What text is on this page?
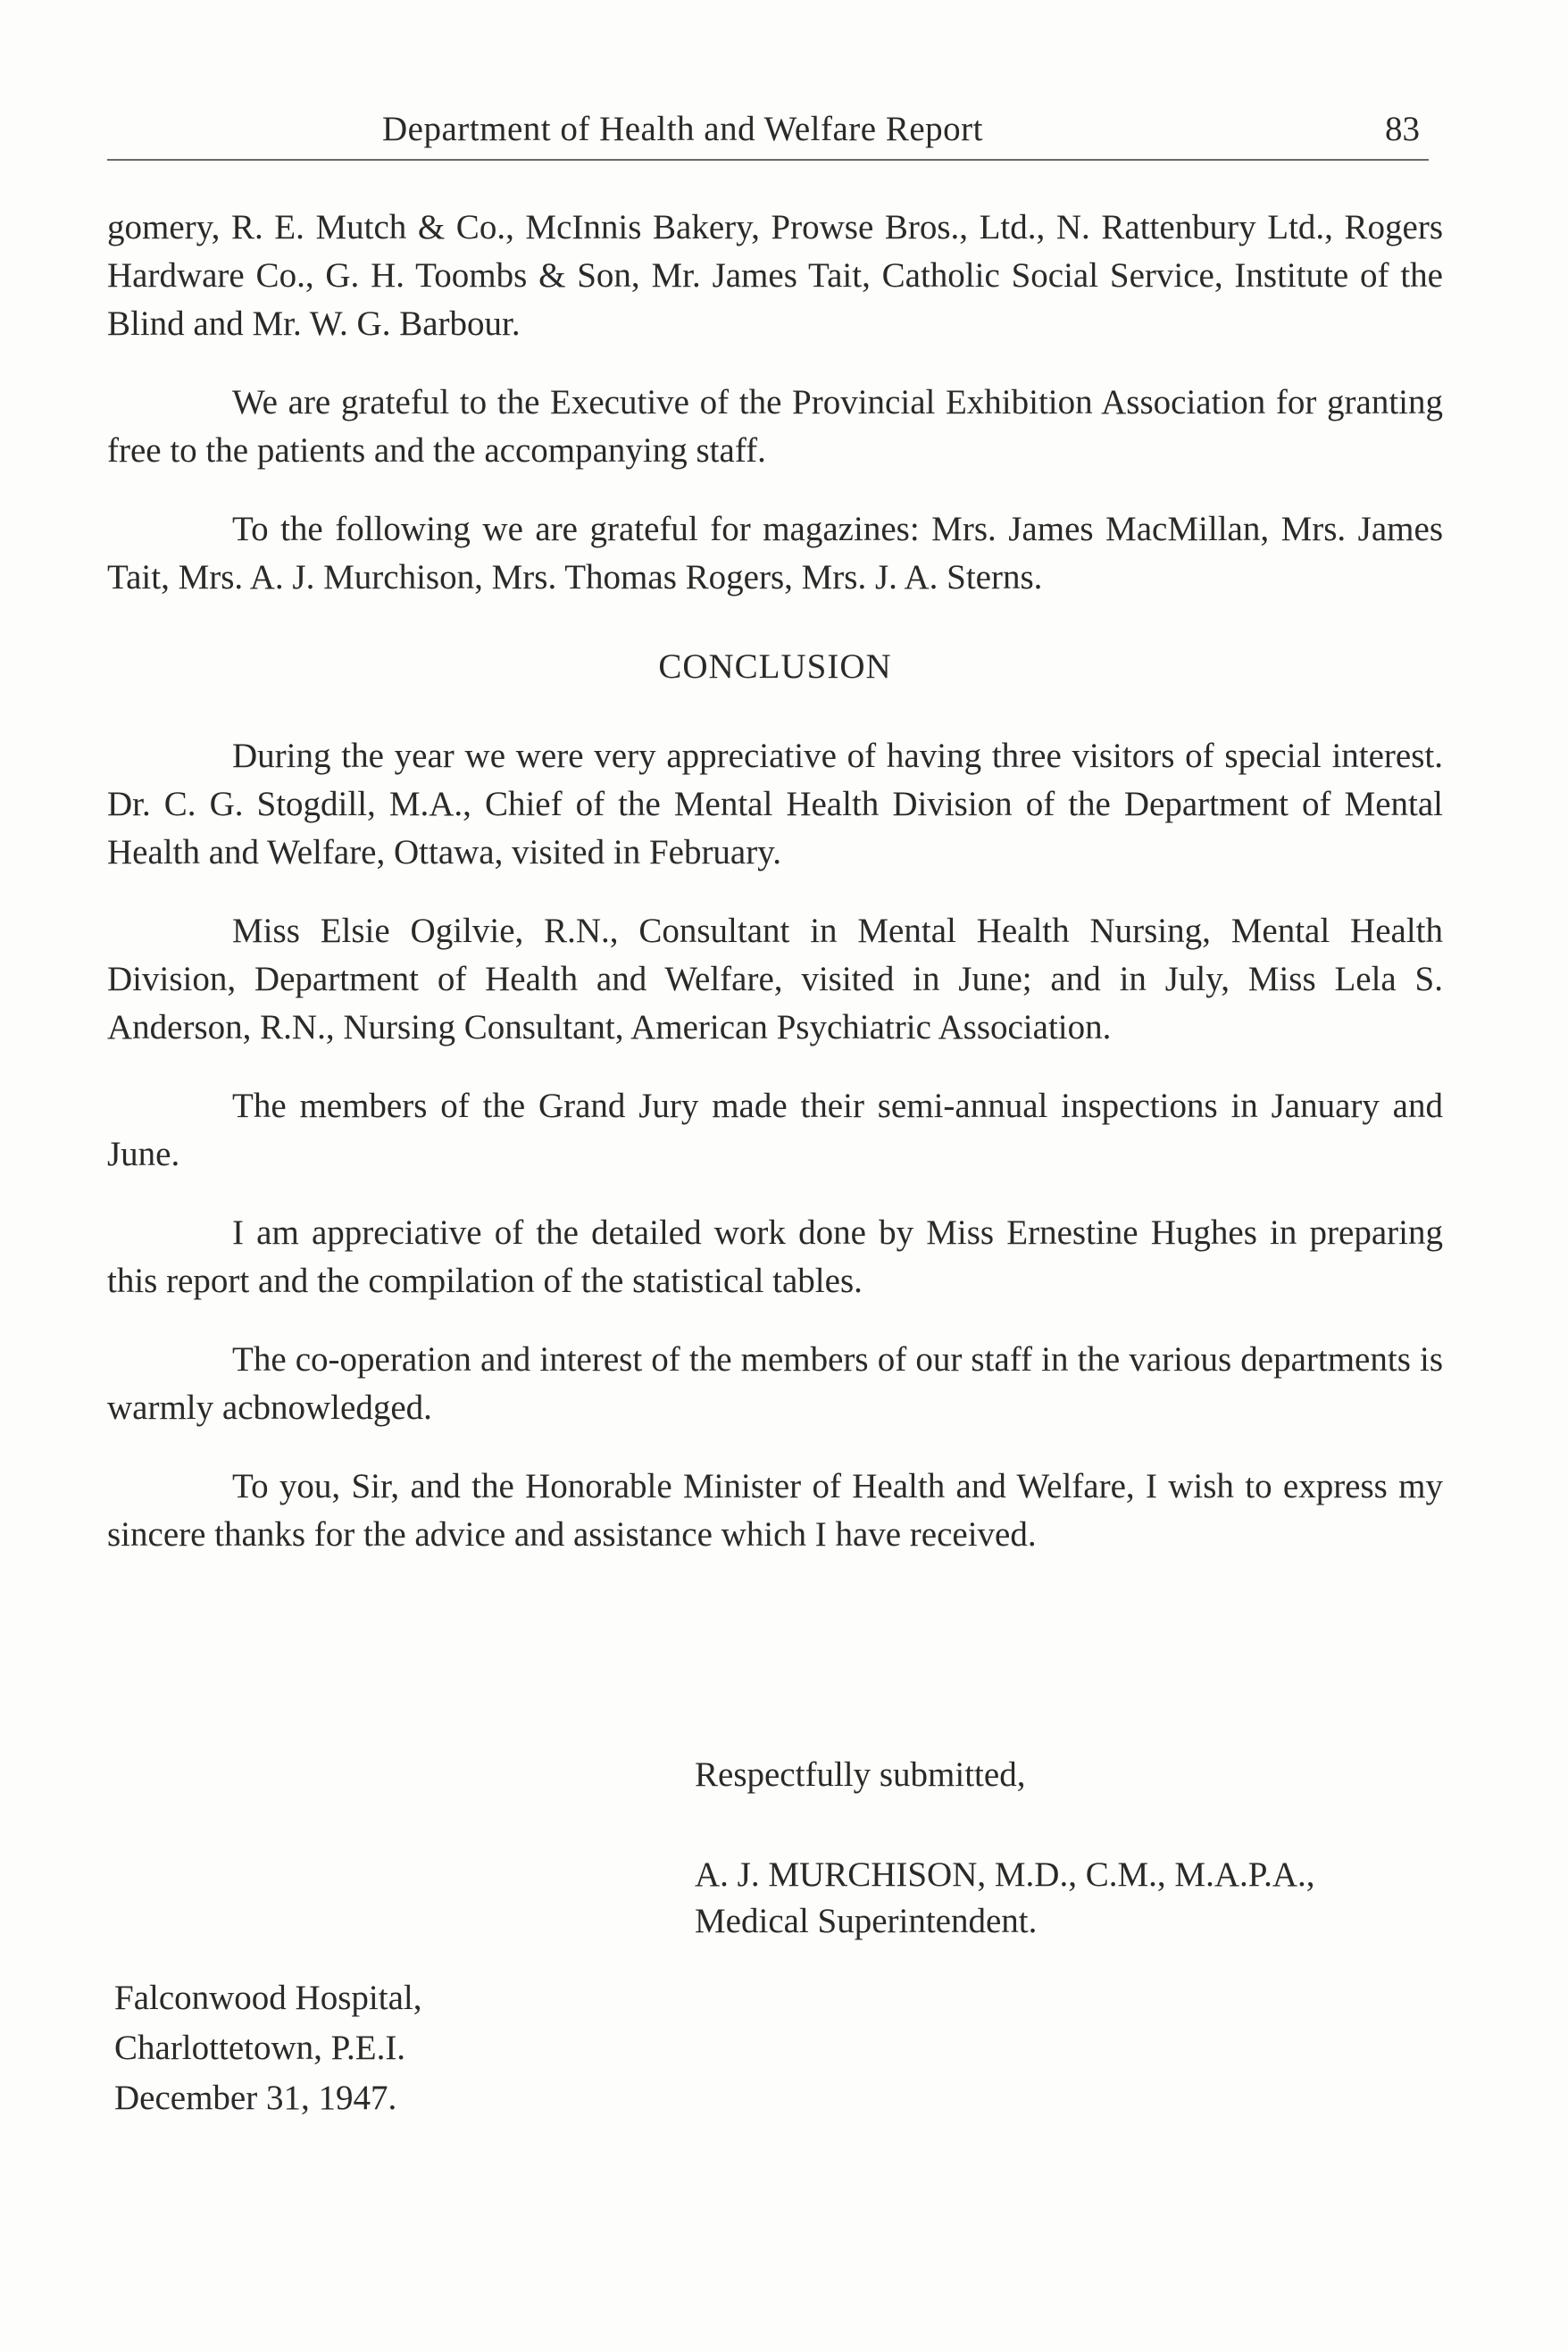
Department of Health and Welfare Report	83

gomery, R. E. Mutch & Co., McInnis Bakery, Prowse Bros., Ltd., N. Rattenbury Ltd., Rogers Hardware Co., G. H. Toombs & Son, Mr. James Tait, Catholic Social Service, Institute of the Blind and Mr. W. G. Barbour.

We are grateful to the Executive of the Provincial Exhibition Association for granting free to the patients and the accompanying staff.

To the following we are grateful for magazines: Mrs. James MacMillan, Mrs. James Tait, Mrs. A. J. Murchison, Mrs. Thomas Rogers, Mrs. J. A. Sterns.

CONCLUSION

During the year we were very appreciative of having three visitors of special interest. Dr. C. G. Stogdill, M.A., Chief of the Mental Health Division of the Department of Mental Health and Welfare, Ottawa, visited in February.

Miss Elsie Ogilvie, R.N., Consultant in Mental Health Nursing, Mental Health Division, Department of Health and Welfare, visited in June; and in July, Miss Lela S. Anderson, R.N., Nursing Consultant, American Psychiatric Association.

The members of the Grand Jury made their semi-annual inspections in January and June.

I am appreciative of the detailed work done by Miss Ernestine Hughes in preparing this report and the compilation of the statistical tables.

The co-operation and interest of the members of our staff in the various departments is warmly acbnowledged.

To you, Sir, and the Honorable Minister of Health and Welfare, I wish to express my sincere thanks for the advice and assistance which I have received.

Respectfully submitted,
A. J. MURCHISON, M.D., C.M., M.A.P.A.,
Medical Superintendent.
Falconwood Hospital,
Charlottetown, P.E.I.
December 31, 1947.
